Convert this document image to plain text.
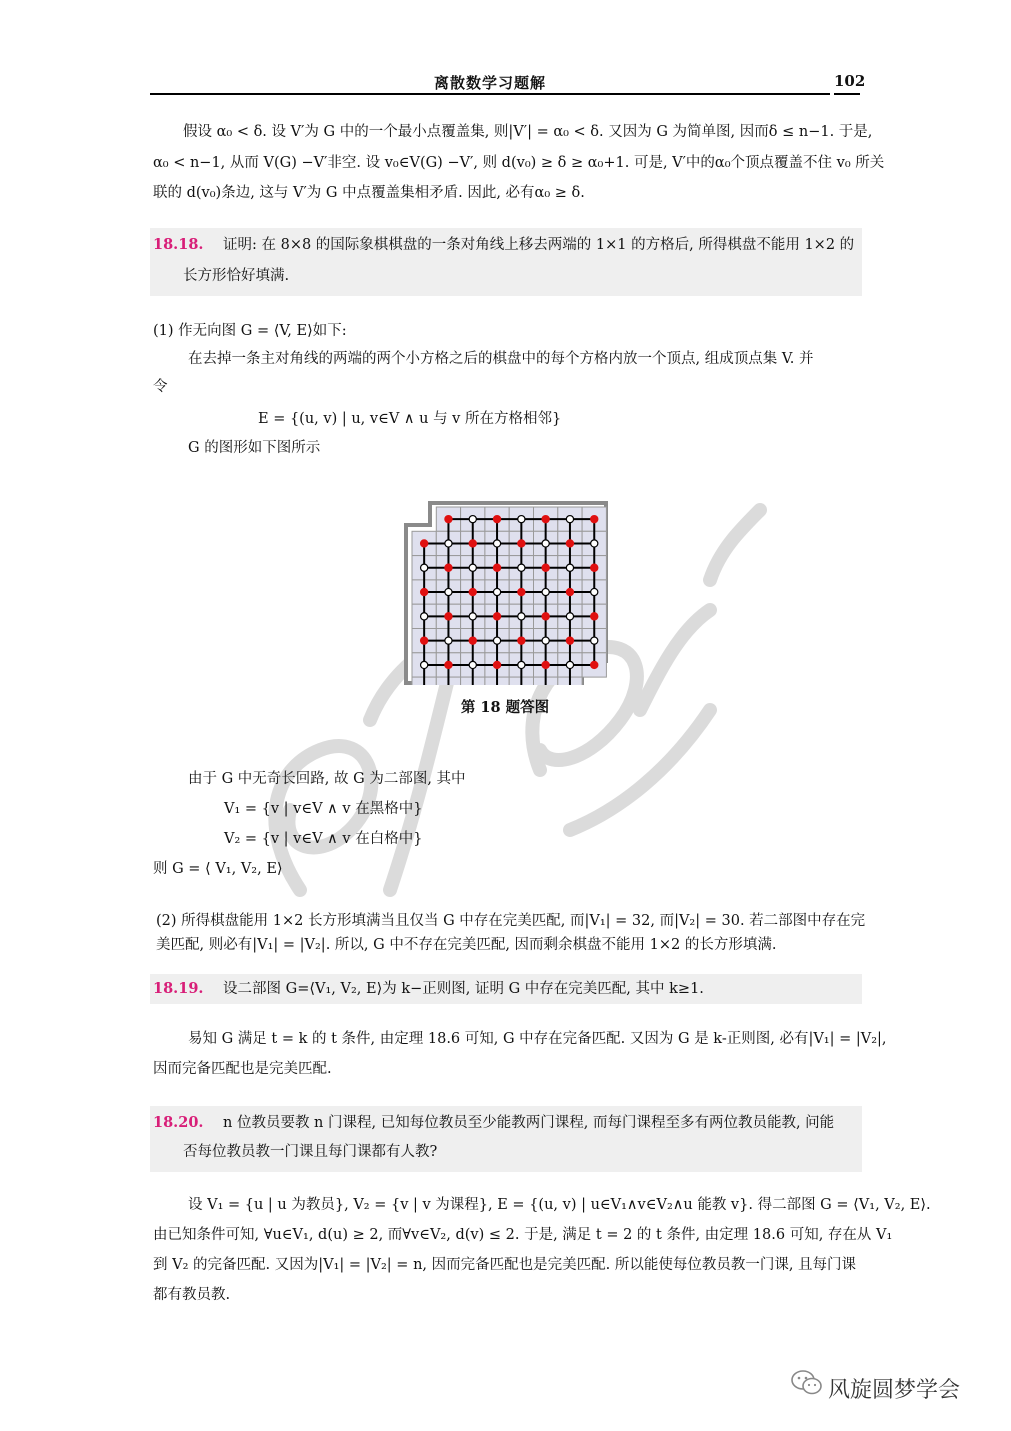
离散数学习题解	102
假设 α₀ < δ. 设 V′为 G 中的一个最小点覆盖集, 则|V′| = α₀ < δ. 又因为 G 为简单图, 因而δ ≤ n−1. 于是,
α₀ < n−1, 从而 V(G) −V′非空. 设 v₀∈V(G) −V′, 则 d(v₀) ≥ δ ≥ α₀+1. 可是, V′中的α₀个顶点覆盖不住 v₀ 所关
联的 d(v₀)条边, 这与 V′为 G 中点覆盖集相矛盾. 因此, 必有α₀ ≥ δ.
18.18. 证明: 在 8×8 的国际象棋棋盘的一条对角线上移去两端的 1×1 的方格后, 所得棋盘不能用 1×2 的
长方形恰好填满.
(1) 作无向图 G = ⟨V, E⟩如下:
在去掉一条主对角线的两端的两个小方格之后的棋盘中的每个方格内放一个顶点, 组成顶点集 V. 并
令
E = {(u, v) | u, v∈V ∧ u 与 v 所在方格相邻}
G 的图形如下图所示
第 18 题答图
由于 G 中无奇长回路, 故 G 为二部图, 其中
V₁ = {v | v∈V ∧ v 在黑格中}
V₂ = {v | v∈V ∧ v 在白格中}
则 G = ⟨ V₁, V₂, E⟩
(2) 所得棋盘能用 1×2 长方形填满当且仅当 G 中存在完美匹配, 而|V₁| = 32, 而|V₂| = 30. 若二部图中存在完
美匹配, 则必有|V₁| = |V₂|. 所以, G 中不存在完美匹配, 因而剩余棋盘不能用 1×2 的长方形填满.
18.19. 设二部图 G=⟨V₁, V₂, E⟩为 k−正则图, 证明 G 中存在完美匹配, 其中 k≥1.
易知 G 满足 t = k 的 t 条件, 由定理 18.6 可知, G 中存在完备匹配. 又因为 G 是 k-正则图, 必有|V₁| = |V₂|,
因而完备匹配也是完美匹配.
18.20. n 位教员要教 n 门课程, 已知每位教员至少能教两门课程, 而每门课程至多有两位教员能教, 问能
否每位教员教一门课且每门课都有人教?
设 V₁ = {u | u 为教员}, V₂ = {v | v 为课程}, E = {(u, v) | u∈V₁∧v∈V₂∧u 能教 v}. 得二部图 G = ⟨V₁, V₂, E⟩.
由已知条件可知, ∀u∈V₁, d(u) ≥ 2, 而∀v∈V₂, d(v) ≤ 2. 于是, 满足 t = 2 的 t 条件, 由定理 18.6 可知, 存在从 V₁
到 V₂ 的完备匹配. 又因为|V₁| = |V₂| = n, 因而完备匹配也是完美匹配. 所以能使每位教员教一门课, 且每门课
都有教员教.
风旋圆梦学会
